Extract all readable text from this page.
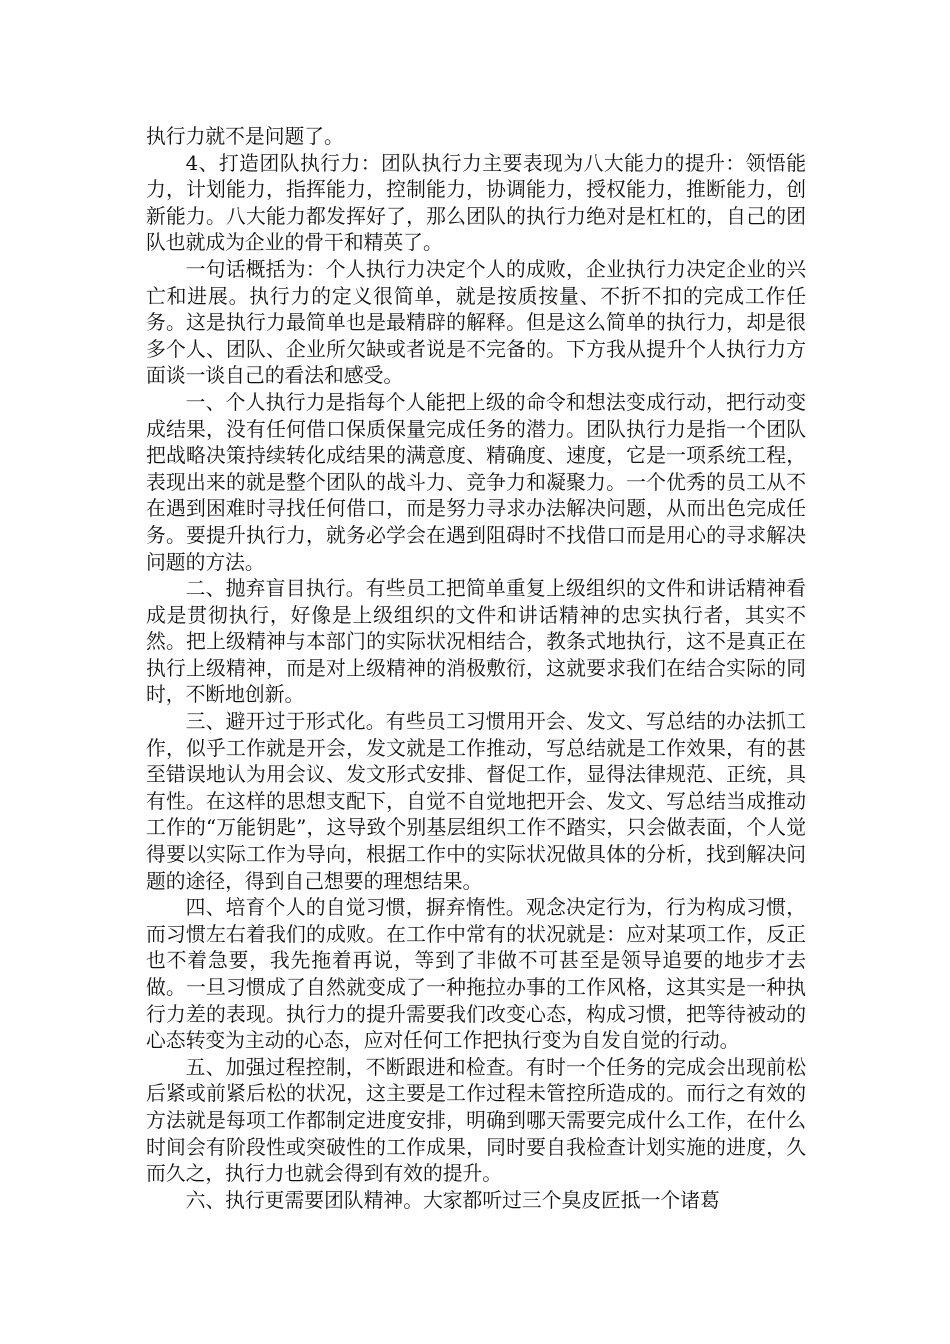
执行力就不是问题了。

4、打造团队执行力：团队执行力主要表现为八大能力的提升：领悟能力，计划能力，指挥能力，控制能力，协调能力，授权能力，推断能力，创新能力。八大能力都发挥好了，那么团队的执行力绝对是杠杠的，自己的团队也就成为企业的骨干和精英了。

一句话概括为：个人执行力决定个人的成败，企业执行力决定企业的兴亡和进展。执行力的定义很简单，就是按质按量、不折不扣的完成工作任务。这是执行力最简单也是最精辟的解释。但是这么简单的执行力，却是很多个人、团队、企业所欠缺或者说是不完备的。下方我从提升个人执行力方面谈一谈自己的看法和感受。

一、个人执行力是指每个人能把上级的命令和想法变成行动，把行动变成结果，没有任何借口保质保量完成任务的潜力。团队执行力是指一个团队把战略决策持续转化成结果的满意度、精确度、速度，它是一项系统工程，表现出来的就是整个团队的战斗力、竞争力和凝聚力。一个优秀的员工从不在遇到困难时寻找任何借口，而是努力寻求办法解决问题，从而出色完成任务。要提升执行力，就务必学会在遇到阻碍时不找借口而是用心的寻求解决问题的方法。

二、抛弃盲目执行。有些员工把简单重复上级组织的文件和讲话精神看成是贯彻执行，好像是上级组织的文件和讲话精神的忠实执行者，其实不然。把上级精神与本部门的实际状况相结合，教条式地执行，这不是真正在执行上级精神，而是对上级精神的消极敷衍，这就要求我们在结合实际的同时，不断地创新。

三、避开过于形式化。有些员工习惯用开会、发文、写总结的办法抓工作，似乎工作就是开会，发文就是工作推动，写总结就是工作效果，有的甚至错误地认为用会议、发文形式安排、督促工作，显得法律规范、正统，具有性。在这样的思想支配下，自觉不自觉地把开会、发文、写总结当成推动工作的“万能钥匙”，这导致个别基层组织工作不踏实，只会做表面，个人觉得要以实际工作为导向，根据工作中的实际状况做具体的分析，找到解决问题的途径，得到自己想要的理想结果。

四、培育个人的自觉习惯，摒弃惰性。观念决定行为，行为构成习惯，而习惯左右着我们的成败。在工作中常有的状况就是：应对某项工作，反正也不着急要，我先拖着再说，等到了非做不可甚至是领导追要的地步才去做。一旦习惯成了自然就变成了一种拖拉办事的工作风格，这其实是一种执行力差的表现。执行力的提升需要我们改变心态，构成习惯，把等待被动的心态转变为主动的心态，应对任何工作把执行变为自发自觉的行动。

五、加强过程控制，不断跟进和检查。有时一个任务的完成会出现前松后紧或前紧后松的状况，这主要是工作过程未管控所造成的。而行之有效的方法就是每项工作都制定进度安排，明确到哪天需要完成什么工作，在什么时间会有阶段性或突破性的工作成果，同时要自我检查计划实施的进度，久而久之，执行力也就会得到有效的提升。

六、执行更需要团队精神。大家都听过三个臭皮匠抵一个诸葛
